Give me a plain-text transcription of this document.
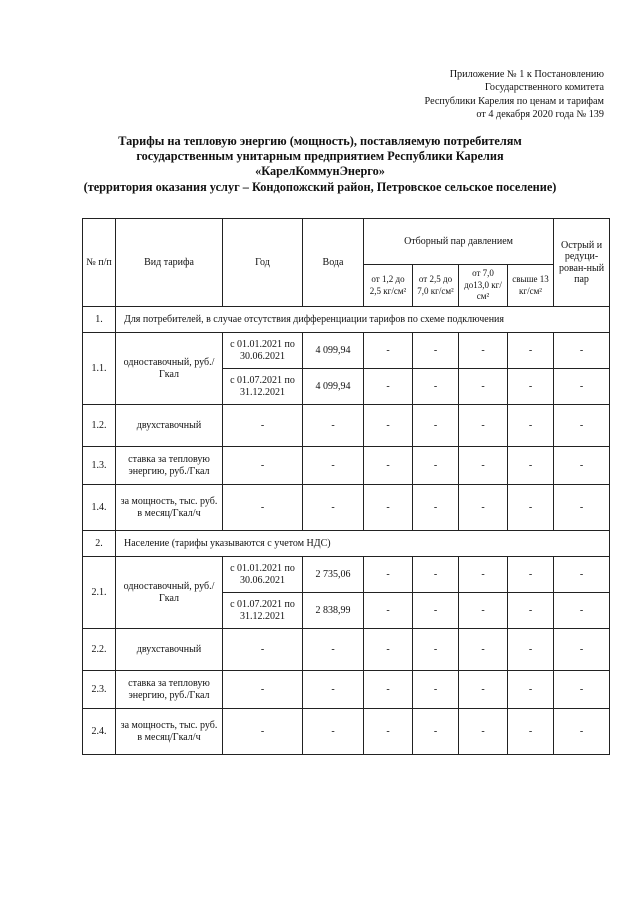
Приложение № 1 к Постановлению
Государственного комитета
Республики Карелия по ценам и тарифам
от 4 декабря 2020 года № 139
Тарифы на тепловую энергию (мощность), поставляемую потребителям
государственным унитарным предприятием Республики Карелия
«КарелКоммунЭнерго»
(территория оказания услуг – Кондопожский район, Петровское сельское поселение)
№ п/п	Вид тарифа	Год	Вода	Отборный пар давлением				Острый и редуци-рован-ный пар
				от 1,2 до 2,5 кг/см²	от 2,5 до 7,0 кг/см²	от 7,0 до13,0 кг/см²	свыше 13 кг/см²	
1.	Для потребителей, в случае отсутствия дифференциации тарифов по схеме подключения							
1.1.	одноставочный, руб./Гкал	с 01.01.2021 по 30.06.2021	4 099,94	-	-	-	-	-
		с 01.07.2021 по 31.12.2021	4 099,94	-	-	-	-	-
1.2.	двухставочный	-	-	-	-	-	-	-
1.3.	ставка за тепловую энергию, руб./Гкал	-	-	-	-	-	-	-
1.4.	за мощность, тыс. руб. в месяц/Гкал/ч	-	-	-	-	-	-	-
2.	Население (тарифы указываются с учетом НДС)							
2.1.	одноставочный, руб./Гкал	с 01.01.2021 по 30.06.2021	2 735,06	-	-	-	-	-
		с 01.07.2021 по 31.12.2021	2 838,99	-	-	-	-	-
2.2.	двухставочный	-	-	-	-	-	-	-
2.3.	ставка за тепловую энергию, руб./Гкал	-	-	-	-	-	-	-
2.4.	за мощность, тыс. руб. в месяц/Гкал/ч	-	-	-	-	-	-	-
